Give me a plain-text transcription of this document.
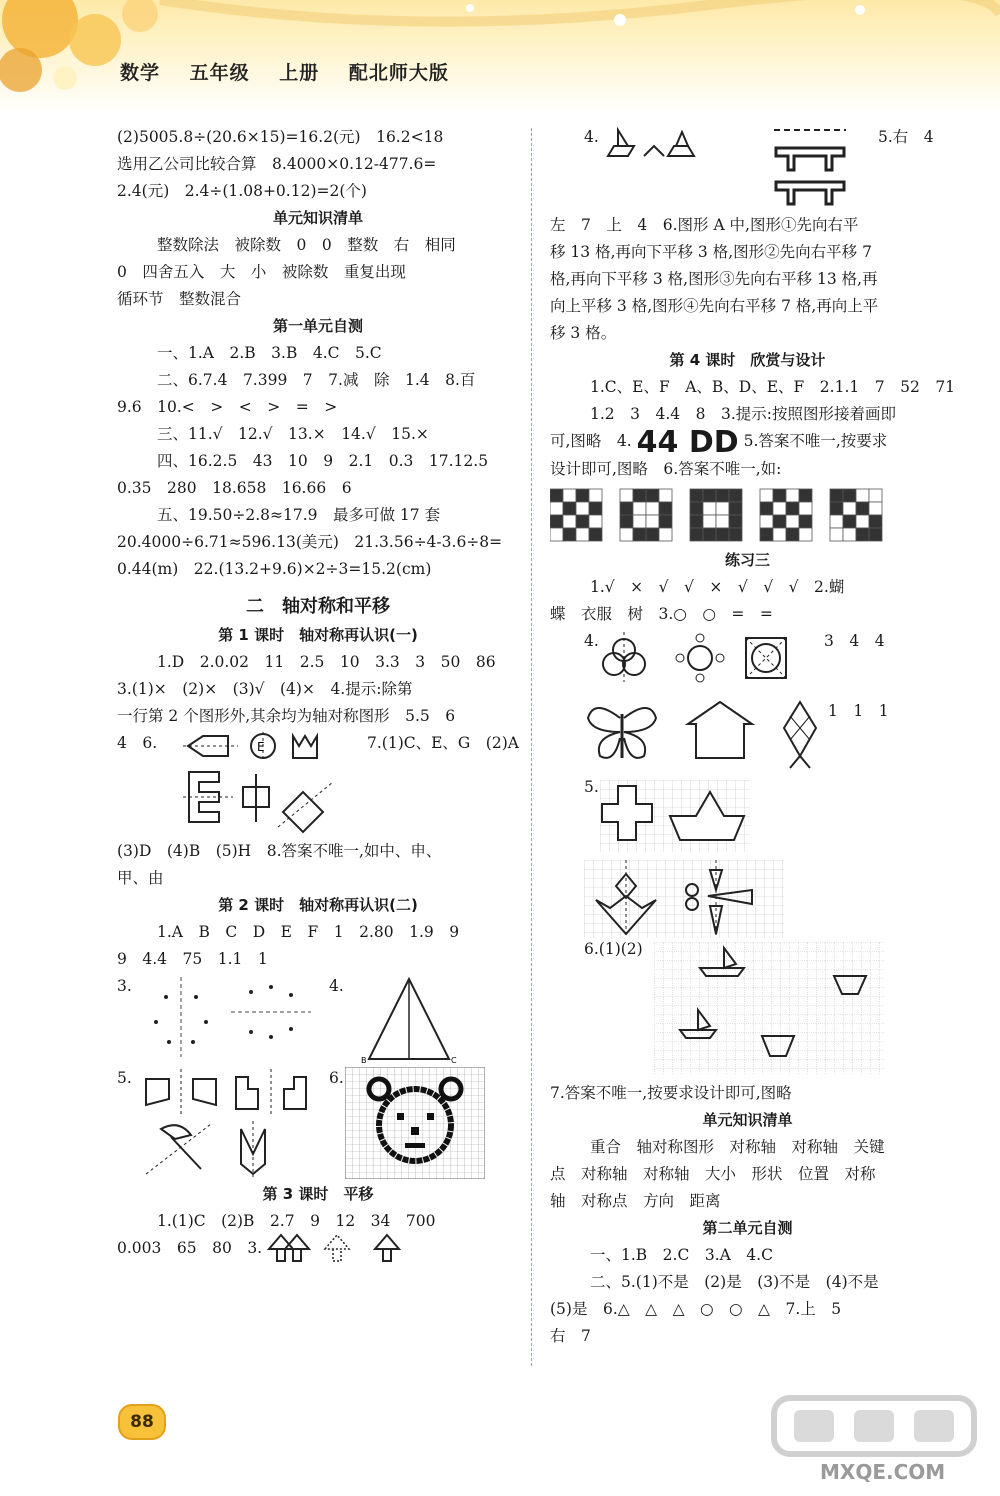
数学 五年级 上册 配北师大版
(2)5005.8÷(20.6×15)=16.2(元)　16.2<18
选用乙公司比较合算　8.4000×0.12-477.6=
2.4(元)　2.4÷(1.08+0.12)=2(个)
单元知识清单
整数除法　被除数　0　0　整数　右　相同
0　四舍五入　大　小　被除数　重复出现
循环节　整数混合
第一单元自测
一、1.A　2.B　3.B　4.C　5.C
二、6.7.4　7.399　7　7.减　除　1.4　8.百
9.6　10.<　>　<　>　=　>
三、11.√　12.√　13.×　14.√　15.×
四、16.2.5　43　10　9　2.1　0.3　17.12.5
0.35　280　18.658　16.66　6
五、19.50÷2.8≈17.9　最多可做 17 套
20.4000÷6.71≈596.13(美元)　21.3.56÷4-3.6÷8=
0.44(m)　22.(13.2+9.6)×2÷3=15.2(cm)
二　轴对称和平移
第 1 课时　轴对称再认识(一)
1.D　2.0.02　11　2.5　10　3.3　3　50　86
3.(1)×　(2)×　(3)√　(4)×　4.提示:除第
一行第 2 个图形外,其余均为轴对称图形　5.5　6
4　6.	7.(1)C、E、G　(2)A
E
(3)D　(4)B　(5)H　8.答案不唯一,如中、申、
甲、由
第 2 课时　轴对称再认识(二)
1.A　B　C　D　E　F　1　2.80　1.9　9
9　4.4　75　1.1　1
3.	4.
B	C
5.	6.
第 3 课时　平移
1.(1)C　(2)B　2.7　9　12　34　700
0.003　65　80　3.
4.	5.右　4
左　7　上　4　6.图形 A 中,图形①先向右平
移 13 格,再向下平移 3 格,图形②先向右平移 7
格,再向下平移 3 格,图形③先向右平移 13 格,再
向上平移 3 格,图形④先向右平移 7 格,再向上平
移 3 格。
第 4 课时　欣赏与设计
1.C、E、F　A、B、D、E、F　2.1.1　7　52　71
1.2　3　4.4　8　3.提示:按照图形接着画即
可,图略　4. 44 DD 5.答案不唯一,按要求
设计即可,图略　6.答案不唯一,如:
练习三
1.√　×　√　√　×　√　√　√　2.蝴
蝶　衣服　树　3.○　○　=　=
4.	3　4　4
1　1　1
5.
6.(1)(2)
7.答案不唯一,按要求设计即可,图略
单元知识清单
重合　轴对称图形　对称轴　对称轴　关键
点　对称轴　对称轴　大小　形状　位置　对称
轴　对称点　方向　距离
第二单元自测
一、1.B　2.C　3.A　4.C
二、5.(1)不是　(2)是　(3)不是　(4)不是
(5)是　6.△　△　△　○　○　△　7.上　5
右　7
88
MXQE.COM
